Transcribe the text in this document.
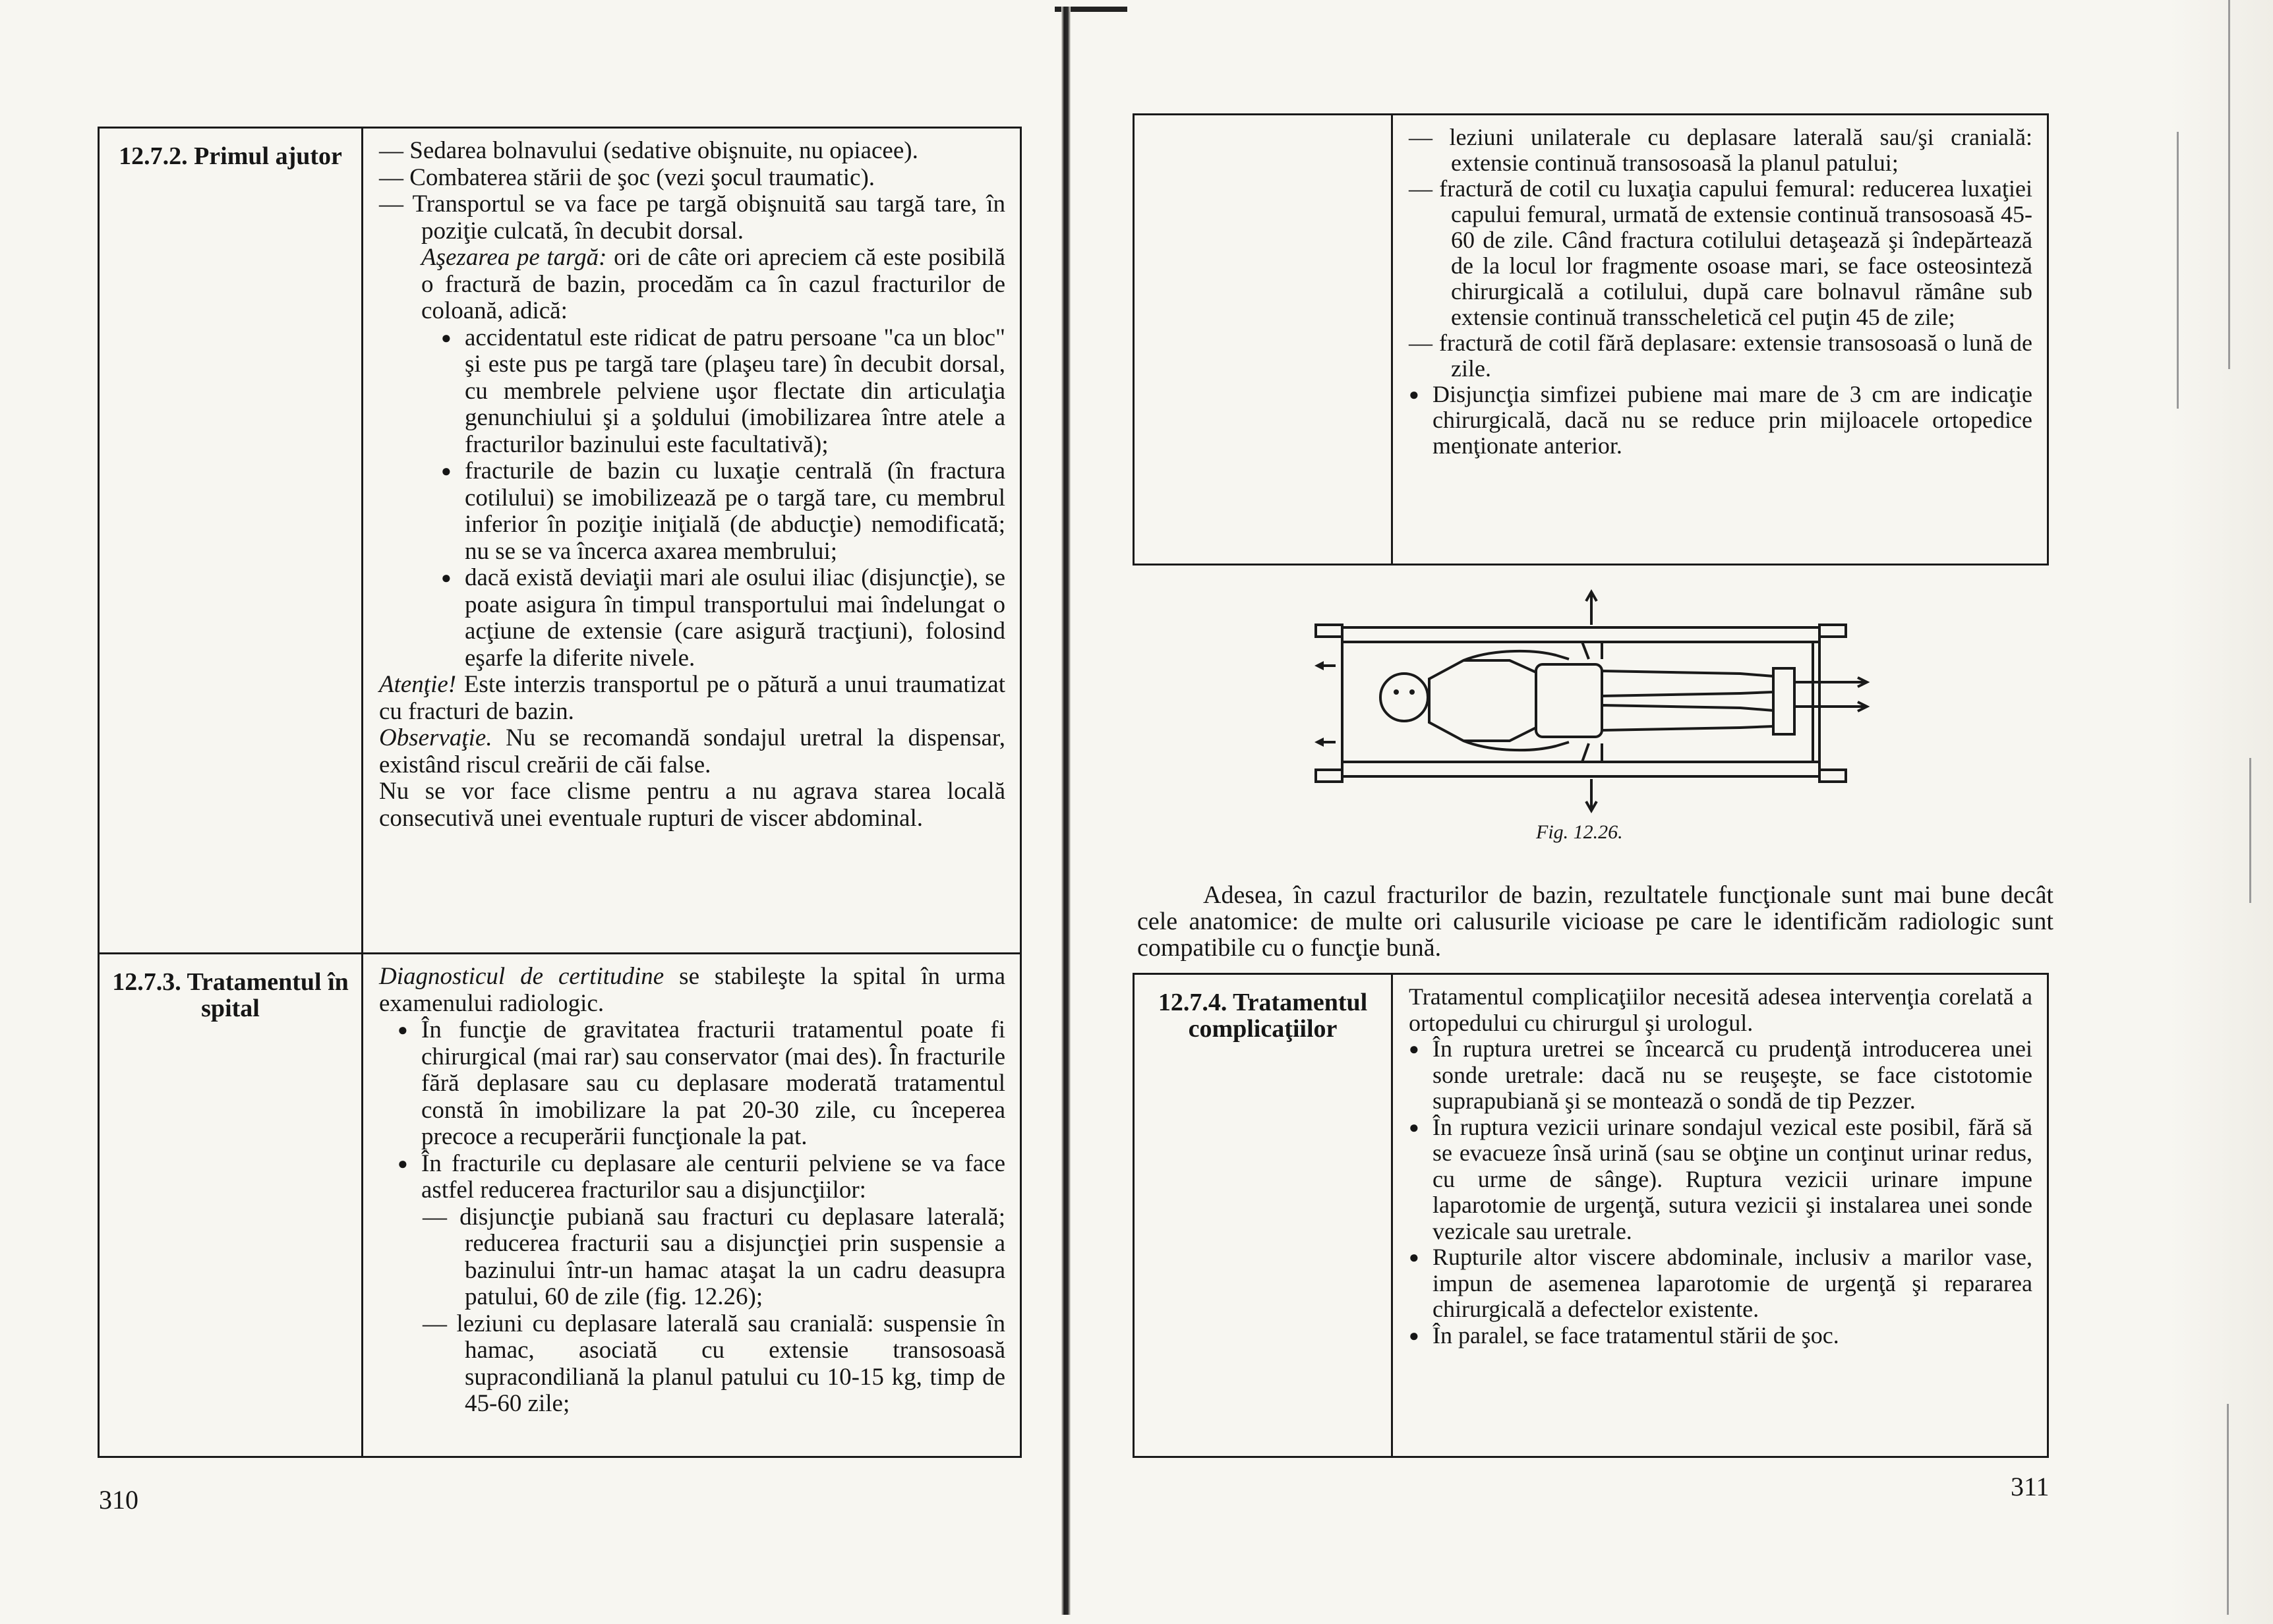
12.7.2. Primul ajutor	— Sedarea bolnavului (sedative obişnuite, nu opiacee).

— Combaterea stării de şoc (vezi şocul traumatic).

— Transportul se va face pe targă obişnuită sau targă tare, în poziţie culcată, în decubit dorsal.

Aşezarea pe targă: ori de câte ori apreciem că este posibilă o fractură de bazin, procedăm ca în cazul fracturilor de coloană, adică:

● accidentatul este ridicat de patru persoane "ca un bloc" şi este pus pe targă tare (plaşeu tare) în decubit dorsal, cu membrele pelviene uşor flectate din articulaţia genunchiului şi a şoldului (imobilizarea între atele a fracturilor bazinului este facultativă);

● fracturile de bazin cu luxaţie centrală (în fractura cotilului) se imobilizează pe o targă tare, cu membrul inferior în poziţie iniţială (de abducţie) nemodificată; nu se se va încerca axarea membrului;

● dacă există deviaţii mari ale osului iliac (disjuncţie), se poate asigura în timpul transportului mai îndelungat o acţiune de extensie (care asigură tracţiuni), folosind eşarfe la diferite nivele.

Atenţie! Este interzis transportul pe o pătură a unui traumatizat cu fracturi de bazin.

Observaţie. Nu se recomandă sondajul uretral la dispensar, existând riscul creării de căi false.

Nu se vor face clisme pentru a nu agrava starea locală consecutivă unei eventuale rupturi de viscer abdominal.

12.7.3. Tratamentul în spital

Diagnosticul de certitudine se stabileşte la spital în urma examenului radiologic.

● În funcţie de gravitatea fracturii tratamentul poate fi chirurgical (mai rar) sau conservator (mai des). În fracturile fără deplasare sau cu deplasare moderată tratamentul constă în imobilizare la pat 20-30 zile, cu începerea precoce a recuperării funcţionale la pat.

● În fracturile cu deplasare ale centurii pelviene se va face astfel reducerea fracturilor sau a disjuncţiilor:

— disjuncţie pubiană sau fracturi cu deplasare laterală; reducerea fracturii sau a disjuncţiei prin suspensie a bazinului într-un hamac ataşat la un cadru deasupra patului, 60 de zile (fig. 12.26);

— leziuni cu deplasare laterală sau cranială: suspensie în hamac, asociată cu extensie transosoasă supracondiliană la planul patului cu 10-15 kg, timp de 45-60 zile;

310

— leziuni unilaterale cu deplasare laterală sau/şi cranială: extensie continuă transosoasă la planul patului;

— fractură de cotil cu luxaţia capului femural: reducerea luxaţiei capului femural, urmată de extensie continuă transosoasă 45-60 de zile. Când fractura cotilului detaşează şi îndepărtează de la locul lor fragmente osoase mari, se face osteosinteză chirurgicală a cotilului, după care bolnavul rămâne sub extensie continuă transscheletică cel puţin 45 de zile;

— fractură de cotil fără deplasare: extensie transosoasă o lună de zile.

● Disjuncţia simfizei pubiene mai mare de 3 cm are indicaţie chirurgicală, dacă nu se reduce prin mijloacele ortopedice menţionate anterior.

Fig. 12.26.
Adesea, în cazul fracturilor de bazin, rezultatele funcţionale sunt mai bune decât cele anatomice: de multe ori calusurile vicioase pe care le identificăm radiologic sunt compatibile cu o funcţie bună.
12.7.4. Tratamentul complicaţiilor

Tratamentul complicaţiilor necesită adesea intervenţia corelată a ortopedului cu chirurgul şi urologul.

● În ruptura uretrei se încearcă cu prudenţă introducerea unei sonde uretrale: dacă nu se reuşeşte, se face cistotomie suprapubiană şi se montează o sondă de tip Pezzer.

● În ruptura vezicii urinare sondajul vezical este posibil, fără să se evacueze însă urină (sau se obţine un conţinut urinar redus, cu urme de sânge). Ruptura vezicii urinare impune laparotomie de urgenţă, sutura vezicii şi instalarea unei sonde vezicale sau uretrale.

● Rupturile altor viscere abdominale, inclusiv a marilor vase, impun de asemenea laparotomie de urgenţă şi repararea chirurgicală a defectelor existente.

● În paralel, se face tratamentul stării de şoc.

311
